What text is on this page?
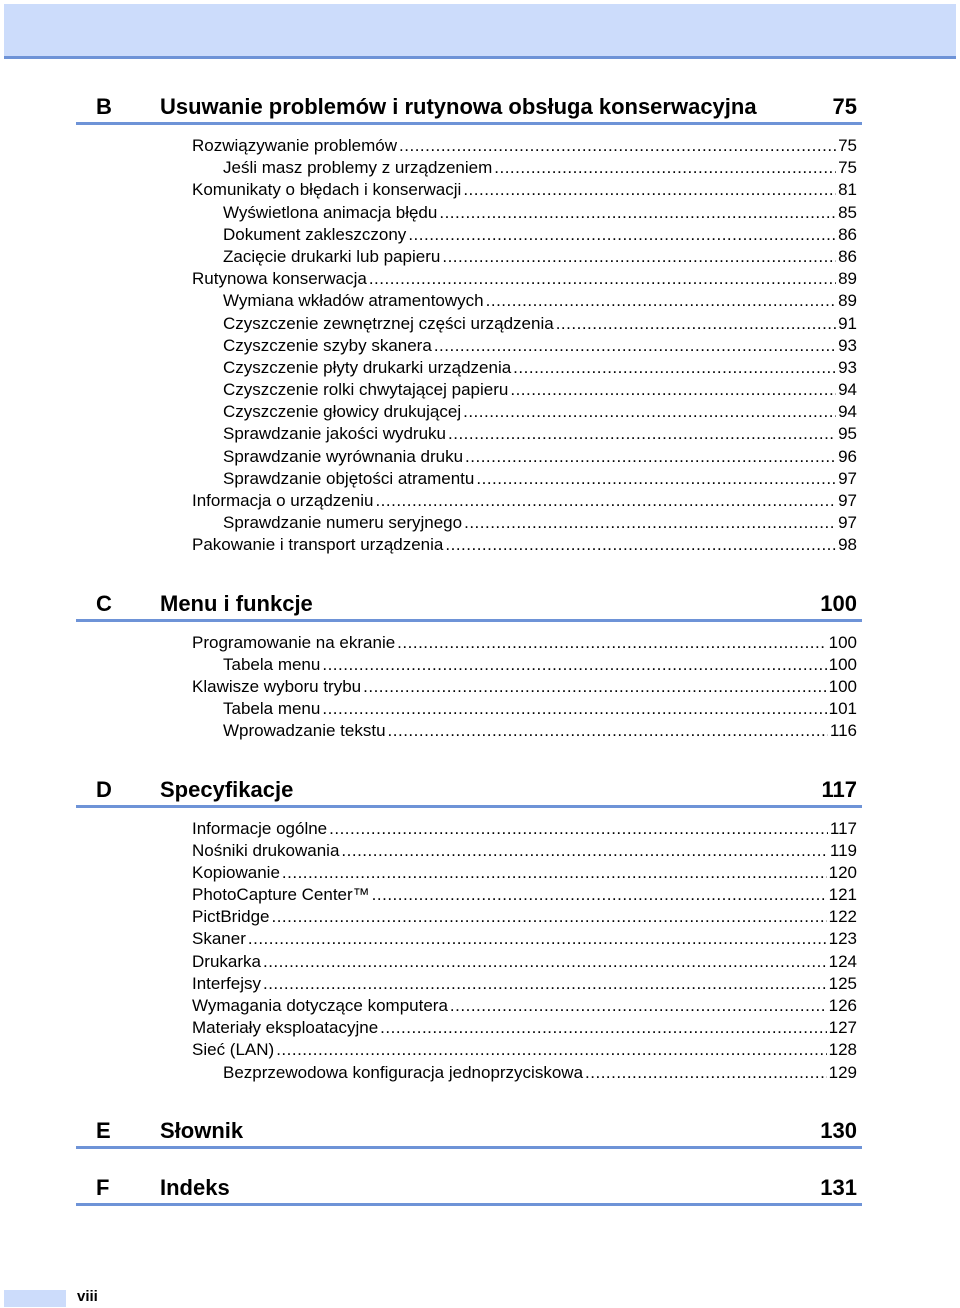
B	Usuwanie problemów i rutynowa obsługa konserwacyjna	75
Rozwiązywanie problemów .....	75
Jeśli masz problemy z urządzeniem .....	75
Komunikaty o błędach i konserwacji .....	81
Wyświetlona animacja błędu .....	85
Dokument zakleszczony .....	86
Zacięcie drukarki lub papieru .....	86
Rutynowa konserwacja .....	89
Wymiana wkładów atramentowych .....	89
Czyszczenie zewnętrznej części urządzenia .....	91
Czyszczenie szyby skanera .....	93
Czyszczenie płyty drukarki urządzenia .....	93
Czyszczenie rolki chwytającej papieru .....	94
Czyszczenie głowicy drukującej .....	94
Sprawdzanie jakości wydruku .....	95
Sprawdzanie wyrównania druku .....	96
Sprawdzanie objętości atramentu .....	97
Informacja o urządzeniu .....	97
Sprawdzanie numeru seryjnego .....	97
Pakowanie i transport urządzenia .....	98
C	Menu i funkcje	100
Programowanie na ekranie .....	100
Tabela menu .....	100
Klawisze wyboru trybu .....	100
Tabela menu .....	101
Wprowadzanie tekstu .....	116
D	Specyfikacje	117
Informacje ogólne .....	117
Nośniki drukowania .....	119
Kopiowanie .....	120
PhotoCapture Center™ .....	121
PictBridge .....	122
Skaner .....	123
Drukarka .....	124
Interfejsy .....	125
Wymagania dotyczące komputera .....	126
Materiały eksploatacyjne .....	127
Sieć (LAN) .....	128
Bezprzewodowa konfiguracja jednoprzyciskowa .....	129
E	Słownik	130
F	Indeks	131
viii
